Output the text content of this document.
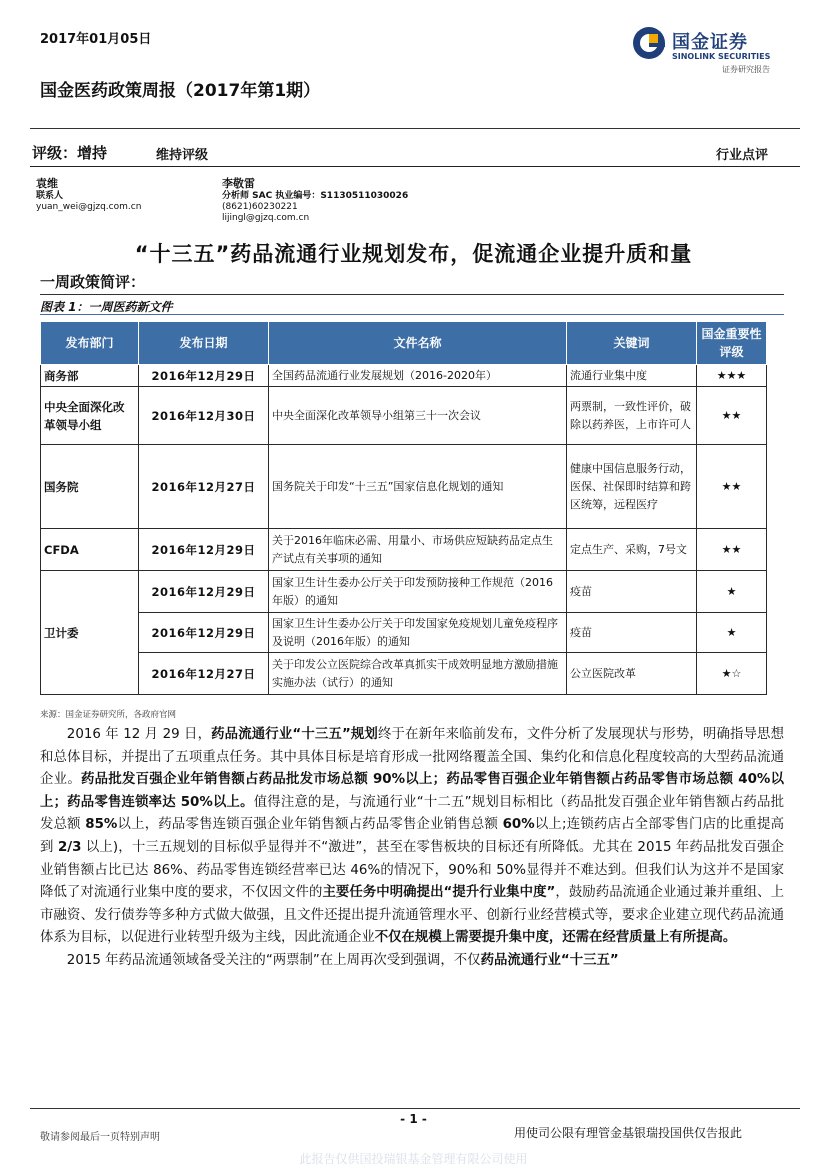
2017年01月05日	国金证券
SINOLINK SECURITIES
证券研究报告
国金医药政策周报（2017年第1期）
评级：增持	维持评级	行业点评
袁维
联系人
yuan_wei@gjzq.com.cn
李敬雷
分析师 SAC 执业编号：S1130511030026
(8621)60230221
lijingl@gjzq.com.cn
“十三五”药品流通行业规划发布，促流通企业提升质和量
一周政策简评：
图表 1：一周医药新文件
发布部门	发布日期	文件名称	关键词	国金重要性评级
商务部	2016年12月29日	全国药品流通行业发展规划（2016-2020年）	流通行业集中度	★★★
中央全面深化改革领导小组	2016年12月30日	中央全面深化改革领导小组第三十一次会议	两票制，一致性评价，破除以药养医，上市许可人	★★
国务院	2016年12月27日	国务院关于印发“十三五”国家信息化规划的通知	健康中国信息服务行动，医保、社保即时结算和跨区统筹，远程医疗	★★
CFDA	2016年12月29日	关于2016年临床必需、用量小、市场供应短缺药品定点生产试点有关事项的通知	定点生产、采购，7号文	★★
卫计委	2016年12月29日	国家卫生计生委办公厅关于印发预防接种工作规范（2016年版）的通知	疫苗	★
	2016年12月29日	国家卫生计生委办公厅关于印发国家免疫规划儿童免疫程序及说明（2016年版）的通知	疫苗	★
	2016年12月27日	关于印发公立医院综合改革真抓实干成效明显地方激励措施实施办法（试行）的通知	公立医院改革	★☆
来源：国金证券研究所，各政府官网

2016 年 12 月 29 日，药品流通行业“十三五”规划终于在新年来临前发布，文件分析了发展现状与形势，明确指导思想和总体目标，并提出了五项重点任务。其中具体目标是培育形成一批网络覆盖全国、集约化和信息化程度较高的大型药品流通企业。药品批发百强企业年销售额占药品批发市场总额 90%以上；药品零售百强企业年销售额占药品零售市场总额 40%以上；药品零售连锁率达 50%以上。值得注意的是，与流通行业“十二五”规划目标相比（药品批发百强企业年销售额占药品批发总额 85%以上，药品零售连锁百强企业年销售额占药品零售企业销售总额 60%以上;连锁药店占全部零售门店的比重提高到 2/3 以上)，十三五规划的目标似乎显得并不“激进”，甚至在零售板块的目标还有所降低。尤其在 2015 年药品批发百强企业销售额占比已达 86%、药品零售连锁经营率已达 46%的情况下，90%和 50%显得并不难达到。但我们认为这并不是国家降低了对流通行业集中度的要求，不仅因文件的主要任务中明确提出“提升行业集中度”，鼓励药品流通企业通过兼并重组、上市融资、发行债券等多种方式做大做强，且文件还提出提升流通管理水平、创新行业经营模式等，要求企业建立现代药品流通体系为目标，以促进行业转型升级为主线，因此流通企业不仅在规模上需要提升集中度，还需在经营质量上有所提高。

2015 年药品流通领域备受关注的“两票制”在上周再次受到强调，不仅药品流通行业“十三五”

- 1 -
敬请参阅最后一页特别声明	用使司公限有理管金基银瑞投国供仅告报此
此报告仅供国投瑞银基金管理有限公司使用
